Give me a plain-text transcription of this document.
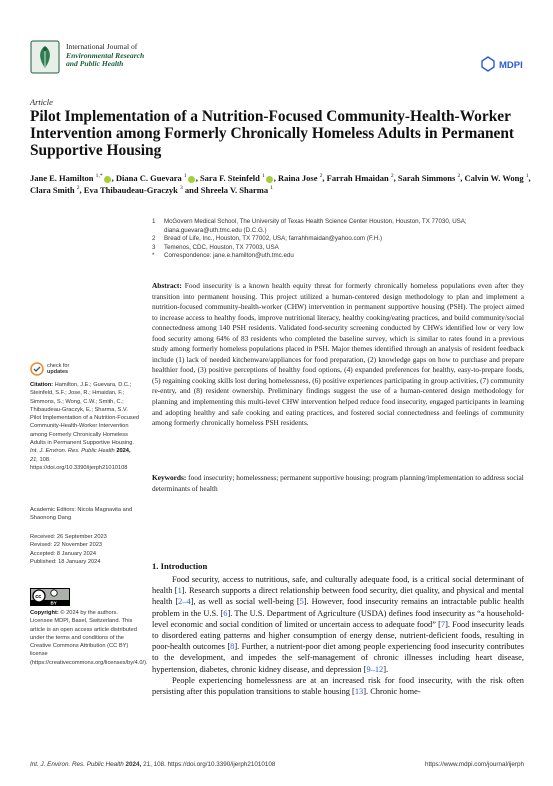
International Journal of
Environmental Research
and Public Health	MDPI
Article
Pilot Implementation of a Nutrition-Focused Community-Health-Worker Intervention among Formerly Chronically Homeless Adults in Permanent Supportive Housing
Jane E. Hamilton $^{1,*}$ , Diana C. Guevara $^1$ , Sara F. Steinfeld $^1$ , Raina Jose $^2$, Farrah Hmaidan $^2$, Sarah Simmons $^2$, Calvin W. Wong $^1$, Clara Smith $^2$, Eva Thibaudeau-Graczyk $^3$ and Shreela V. Sharma $^1$
1	McGovern Medical School, The University of Texas Health Science Center Houston, Houston, TX 77030, USA; diana.guevara@uth.tmc.edu (D.C.G.)
2	Bread of Life, Inc., Houston, TX 77002, USA; farrahhmaidan@yahoo.com (F.H.)
3	Temenos, CDC, Houston, TX 77003, USA
*	Correspondence: jane.e.hamilton@uth.tmc.edu
Abstract: Food insecurity is a known health equity threat for formerly chronically homeless populations even after they transition into permanent housing. This project utilized a human-centered design methodology to plan and implement a nutrition-focused community-health-worker (CHW) intervention in permanent supportive housing (PSH). The project aimed to increase access to healthy foods, improve nutritional literacy, healthy cooking/eating practices, and build community/social connectedness among 140 PSH residents. Validated food-security screening conducted by CHWs identified low or very low food security among 64% of 83 residents who completed the baseline survey, which is similar to rates found in a previous study among formerly homeless populations placed in PSH. Major themes identified through an analysis of resident feedback include (1) lack of needed kitchenware/appliances for food preparation, (2) knowledge gaps on how to purchase and prepare healthier food, (3) positive perceptions of healthy food options, (4) expanded preferences for healthy, easy-to-prepare foods, (5) regaining cooking skills lost during homelessness, (6) positive experiences participating in group activities, (7) community re-entry, and (8) resident ownership. Preliminary findings suggest the use of a human-centered design methodology for planning and implementing this multi-level CHW intervention helped reduce food insecurity, engaged participants in learning and adopting healthy and safe cooking and eating practices, and fostered social connectedness and feelings of community among formerly chronically homeless PSH residents.
Keywords: food insecurity; homelessness; permanent supportive housing; program planning/implementation to address social determinants of health
check for
updates
Citation: Hamilton, J.E.; Guevara, D.C.; Steinfeld, S.F.; Jose, R.; Hmaidan, F.; Simmons, S.; Wong, C.W.; Smith, C.; Thibaudeau-Graczyk, E.; Sharma, S.V. Pilot Implementation of a Nutrition-Focused Community-Health-Worker Intervention among Formerly Chronically Homeless Adults in Permanent Supportive Housing. Int. J. Environ. Res. Public Health 2024, 21, 108. https://doi.org/10.3390/ijerph21010108
Academic Editors: Nicola Magnavita and Shaonong Dang
Received: 26 September 2023
Revised: 22 November 2023
Accepted: 8 January 2024
Published: 18 January 2024
cc
BY
Copyright: © 2024 by the authors. Licensee MDPI, Basel, Switzerland. This article is an open access article distributed under the terms and conditions of the Creative Commons Attribution (CC BY) license (https://creativecommons.org/licenses/by/4.0/).
1. Introduction

Food security, access to nutritious, safe, and culturally adequate food, is a critical social determinant of health [1]. Research supports a direct relationship between food security, diet quality, and physical and mental health [2–4], as well as social well-being [5]. However, food insecurity remains an intractable public health problem in the U.S. [6]. The U.S. Department of Agriculture (USDA) defines food insecurity as “a household-level economic and social condition of limited or uncertain access to adequate food” [7]. Food insecurity leads to disordered eating patterns and higher consumption of energy dense, nutrient-deficient foods, resulting in poor-health outcomes [8]. Further, a nutrient-poor diet among people experiencing food insecurity contributes to the development, and impedes the self-management of chronic illnesses including heart disease, hypertension, diabetes, chronic kidney disease, and depression [9–12].

People experiencing homelessness are at an increased risk for food insecurity, with the risk often persisting after this population transitions to stable housing [13]. Chronic home-

Int. J. Environ. Res. Public Health 2024, 21, 108. https://doi.org/10.3390/ijerph21010108	https://www.mdpi.com/journal/ijerph
